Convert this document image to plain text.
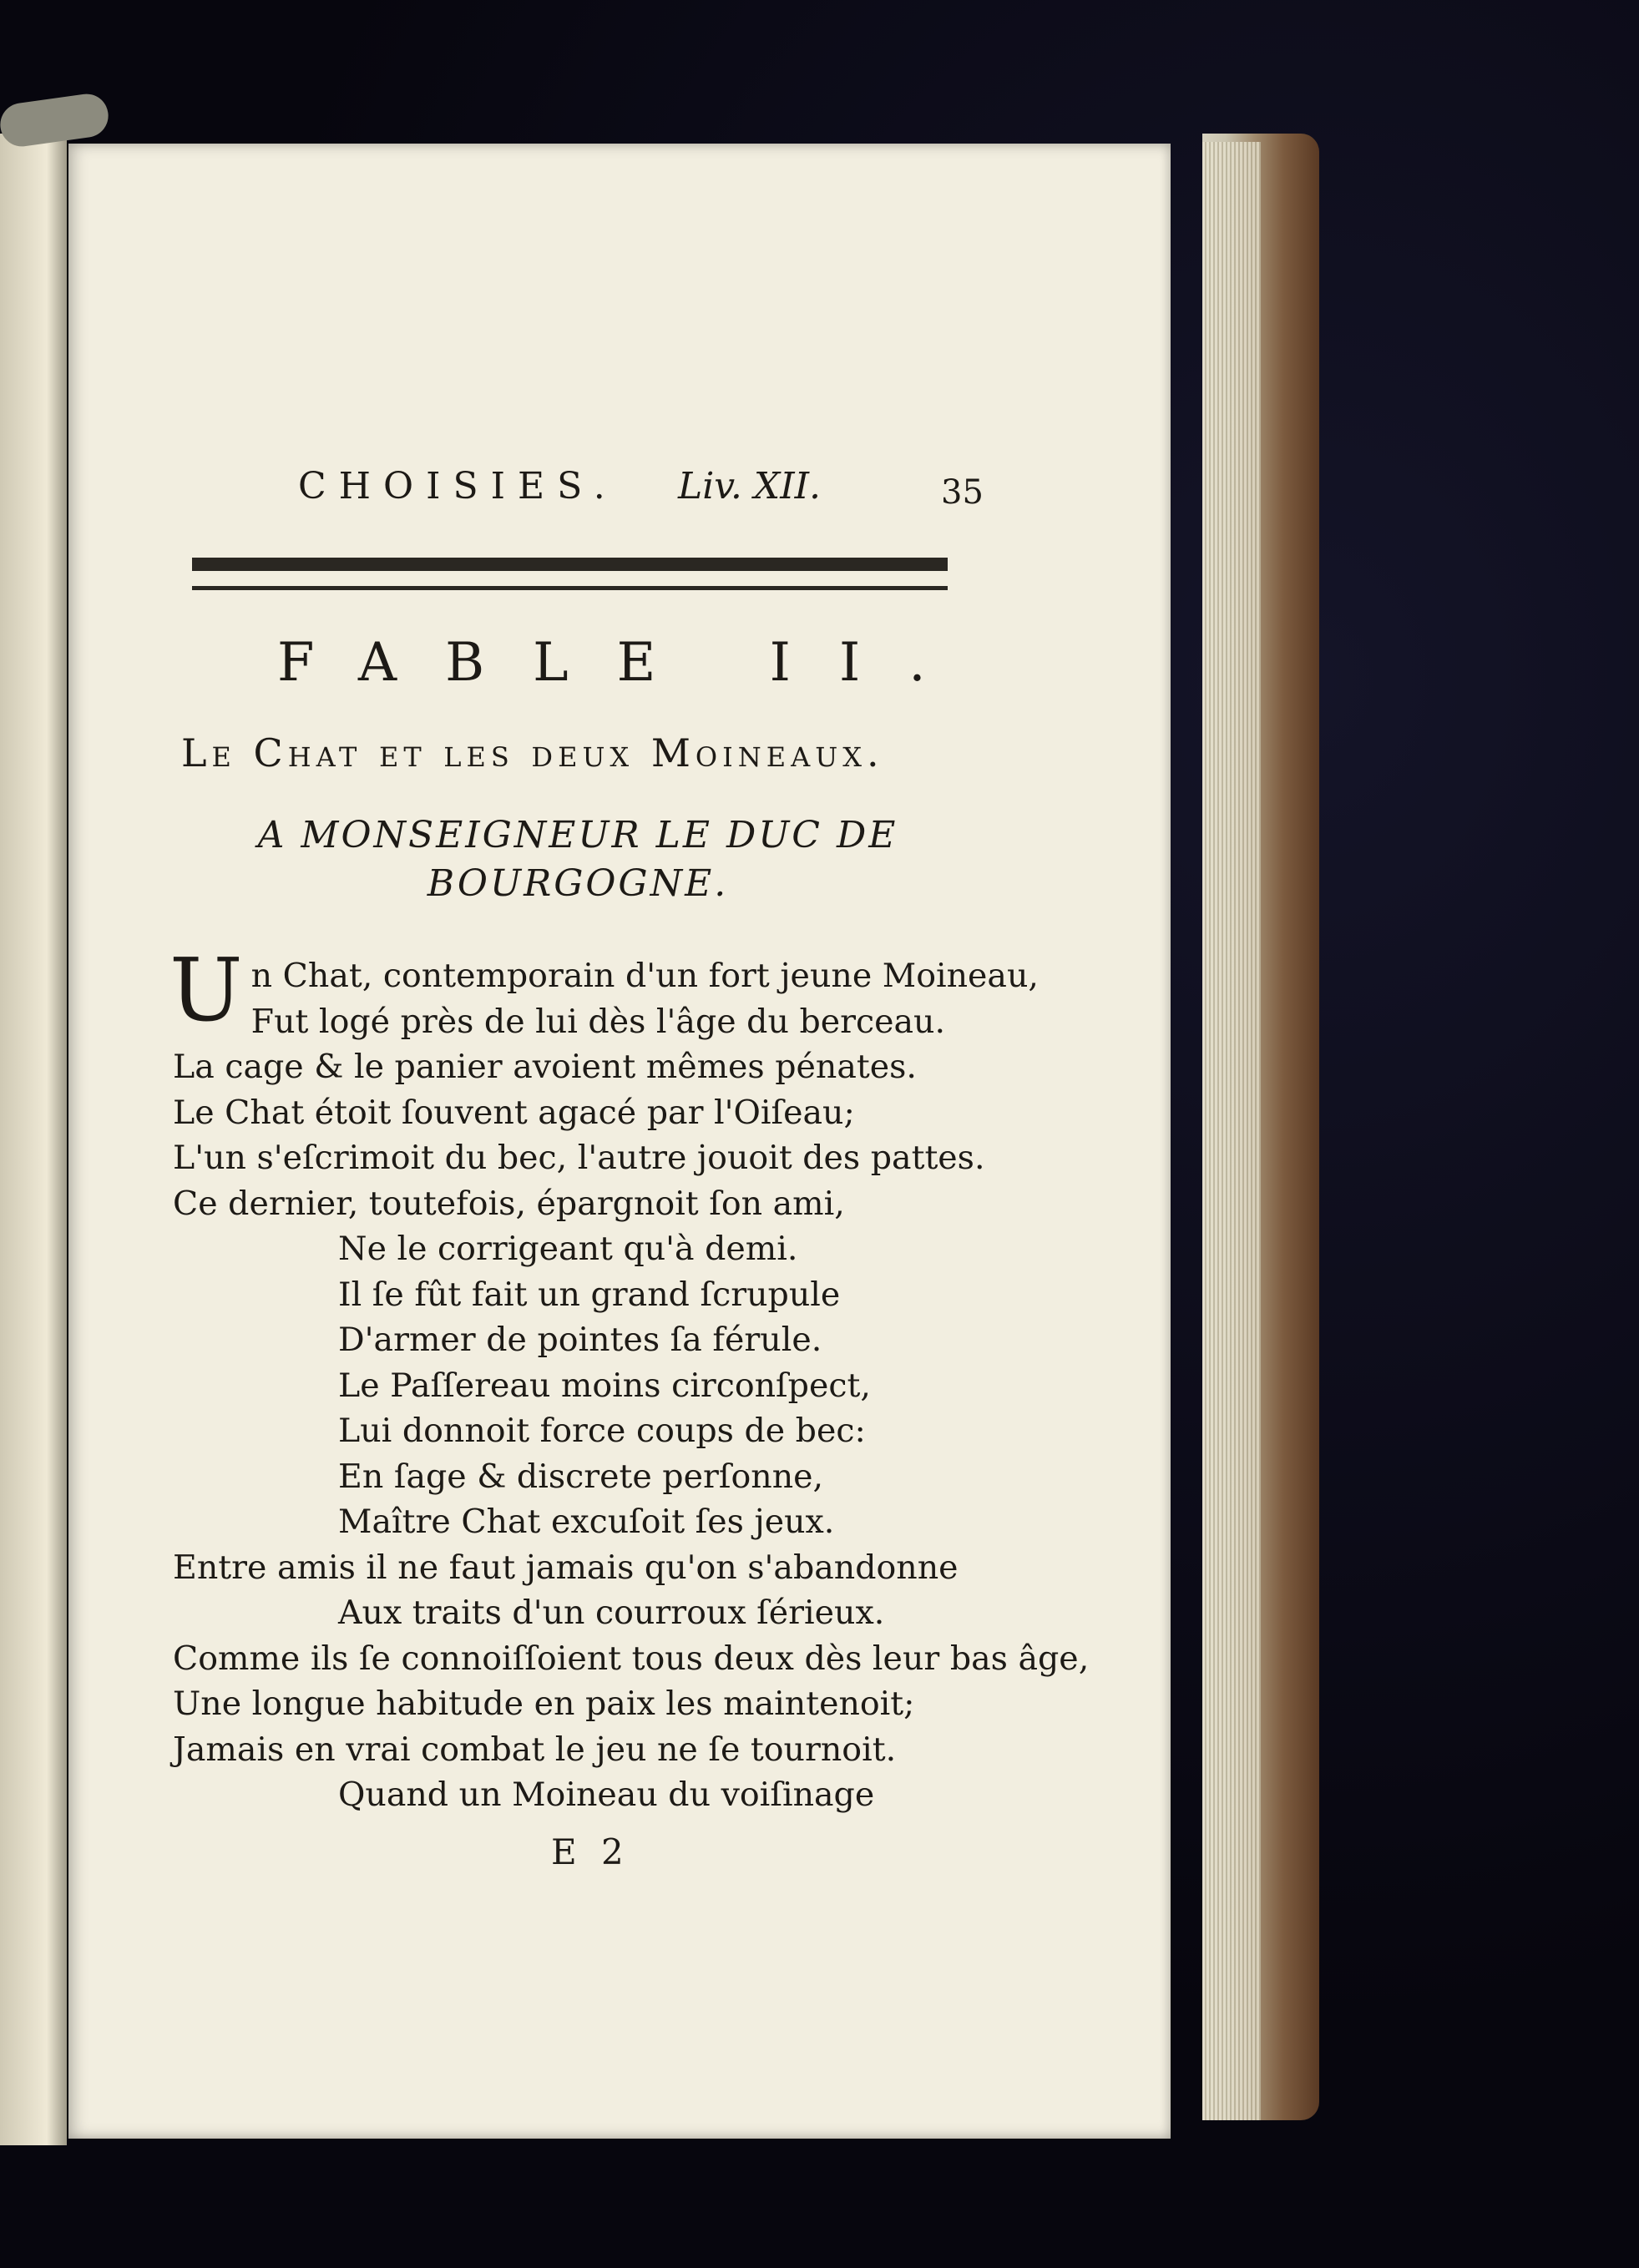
CHOISIES. Liv. XII.	35
FABLE II.
Le Chat et les deux Moineaux.
A MONSEIGNEUR LE DUC DE BOURGOGNE.
Un Chat, contemporain d'un fort jeune Moineau,
Fut logé près de lui dès l'âge du berceau.
La cage & le panier avoient mêmes pénates.
Le Chat étoit ſouvent agacé par l'Oiſeau;
L'un s'eſcrimoit du bec, l'autre jouoit des pattes.
Ce dernier, toutefois, épargnoit ſon ami,
Ne le corrigeant qu'à demi.
Il ſe fût fait un grand ſcrupule
D'armer de pointes ſa férule.
Le Paſſereau moins circonſpect,
Lui donnoit force coups de bec:
En ſage & discrete perſonne,
Maître Chat excuſoit ſes jeux.
Entre amis il ne faut jamais qu'on s'abandonne
Aux traits d'un courroux ſérieux.
Comme ils ſe connoiſſoient tous deux dès leur bas âge,
Une longue habitude en paix les maintenoit;
Jamais en vrai combat le jeu ne ſe tournoit.
Quand un Moineau du voiſinage
E 2
